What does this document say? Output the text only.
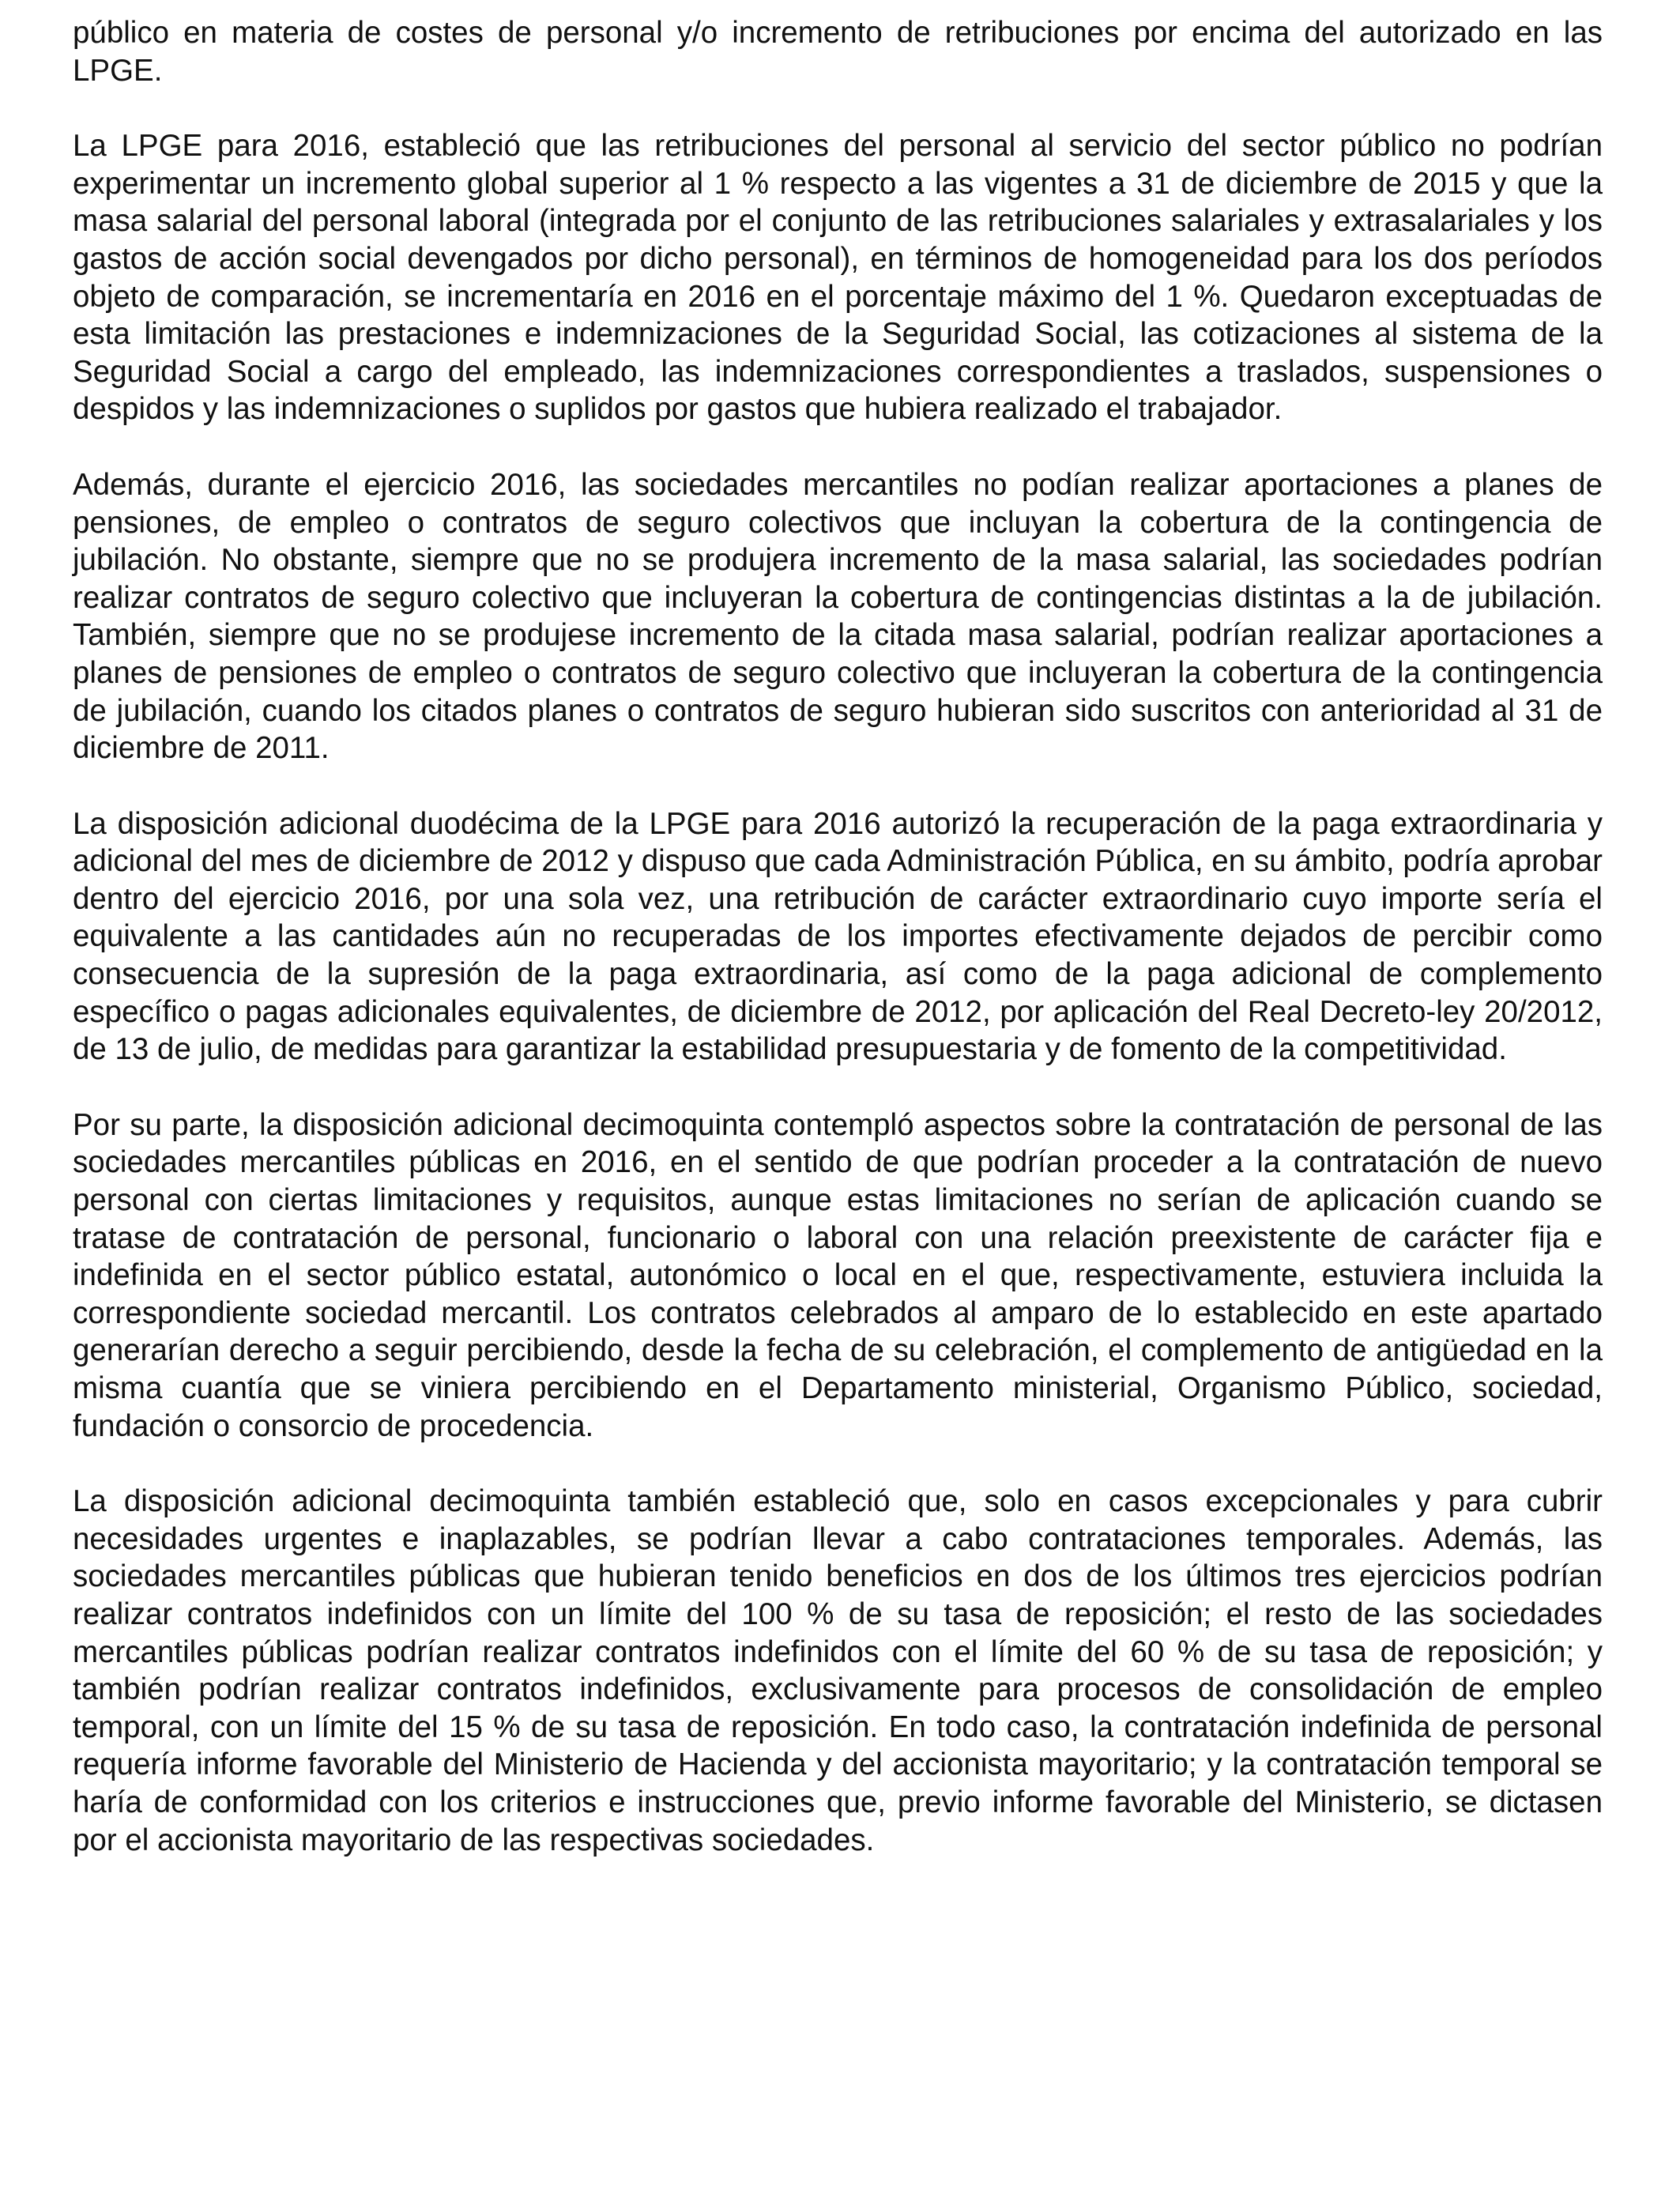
público en materia de costes de personal y/o incremento de retribuciones por encima del autorizado en las LPGE.

La LPGE para 2016, estableció que las retribuciones del personal al servicio del sector público no podrían experimentar un incremento global superior al 1 % respecto a las vigentes a 31 de diciembre de 2015 y que la masa salarial del personal laboral (integrada por el conjunto de las retribuciones salariales y extrasalariales y los gastos de acción social devengados por dicho personal), en términos de homogeneidad para los dos períodos objeto de comparación, se incrementaría en 2016 en el porcentaje máximo del 1 %. Quedaron exceptuadas de esta limitación las prestaciones e indemnizaciones de la Seguridad Social, las cotizaciones al sistema de la Seguridad Social a cargo del empleado, las indemnizaciones correspondientes a traslados, suspensiones o despidos y las indemnizaciones o suplidos por gastos que hubiera realizado el trabajador.

Además, durante el ejercicio 2016, las sociedades mercantiles no podían realizar aportaciones a planes de pensiones, de empleo o contratos de seguro colectivos que incluyan la cobertura de la contingencia de jubilación. No obstante, siempre que no se produjera incremento de la masa salarial, las sociedades podrían realizar contratos de seguro colectivo que incluyeran la cobertura de contingencias distintas a la de jubilación. También, siempre que no se produjese incremento de la citada masa salarial, podrían realizar aportaciones a planes de pensiones de empleo o contratos de seguro colectivo que incluyeran la cobertura de la contingencia de jubilación, cuando los citados planes o contratos de seguro hubieran sido suscritos con anterioridad al 31 de diciembre de 2011.

La disposición adicional duodécima de la LPGE para 2016 autorizó la recuperación de la paga extraordinaria y adicional del mes de diciembre de 2012 y dispuso que cada Administración Pública, en su ámbito, podría aprobar dentro del ejercicio 2016, por una sola vez, una retribución de carácter extraordinario cuyo importe sería el equivalente a las cantidades aún no recuperadas de los importes efectivamente dejados de percibir como consecuencia de la supresión de la paga extraordinaria, así como de la paga adicional de complemento específico o pagas adicionales equivalentes, de diciembre de 2012, por aplicación del Real Decreto-ley 20/2012, de 13 de julio, de medidas para garantizar la estabilidad presupuestaria y de fomento de la competitividad.

Por su parte, la disposición adicional decimoquinta contempló aspectos sobre la contratación de personal de las sociedades mercantiles públicas en 2016, en el sentido de que podrían proceder a la contratación de nuevo personal con ciertas limitaciones y requisitos, aunque estas limitaciones no serían de aplicación cuando se tratase de contratación de personal, funcionario o laboral con una relación preexistente de carácter fija e indefinida en el sector público estatal, autonómico o local en el que, respectivamente, estuviera incluida la correspondiente sociedad mercantil. Los contratos celebrados al amparo de lo establecido en este apartado generarían derecho a seguir percibiendo, desde la fecha de su celebración, el complemento de antigüedad en la misma cuantía que se viniera percibiendo en el Departamento ministerial, Organismo Público, sociedad, fundación o consorcio de procedencia.

La disposición adicional decimoquinta también estableció que, solo en casos excepcionales y para cubrir necesidades urgentes e inaplazables, se podrían llevar a cabo contrataciones temporales. Además, las sociedades mercantiles públicas que hubieran tenido beneficios en dos de los últimos tres ejercicios podrían realizar contratos indefinidos con un límite del 100 % de su tasa de reposición; el resto de las sociedades mercantiles públicas podrían realizar contratos indefinidos con el límite del 60 % de su tasa de reposición; y también podrían realizar contratos indefinidos, exclusivamente para procesos de consolidación de empleo temporal, con un límite del 15 % de su tasa de reposición. En todo caso, la contratación indefinida de personal requería informe favorable del Ministerio de Hacienda y del accionista mayoritario; y la contratación temporal se haría de conformidad con los criterios e instrucciones que, previo informe favorable del Ministerio, se dictasen por el accionista mayoritario de las respectivas sociedades.
